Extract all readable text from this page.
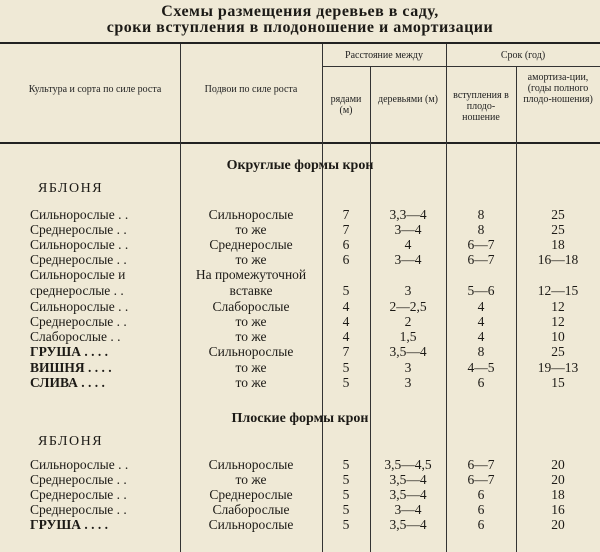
Схемы размещения деревьев в саду,
сроки вступления в плодоношение и амортизации
Культура и сорта по силе роста	Подвои по силе роста
Расстояние между
рядами (м)
деревьями (м)
Срок (год)
вступления в плодо-ношение
амортиза-ции, (годы полного плодо-ношения)
Округлые формы крон
ЯБЛОНЯ
Сильнорослые . .	Сильнорослые	7	3,3—4	8	25
Среднерослые . .	то же	7	3—4	8	25
Сильнорослые . .	Среднерослые	6	4	6—7	18
Среднерослые . .	то же	6	3—4	6—7	16—18
Сильнорослые и	На промежуточной
среднерослые . .	вставке	5	3	5—6	12—15
Сильнорослые . .	Слаборослые	4	2—2,5	4	12
Среднерослые . .	то же	4	2	4	12
Слаборослые . .	то же	4	1,5	4	10
ГРУША . . . .	Сильнорослые	7	3,5—4	8	25
ВИШНЯ . . . .	то же	5	3	4—5	19—13
СЛИВА . . . .	то же	5	3	6	15
Плоские формы крон
ЯБЛОНЯ
Сильнорослые . .	Сильнорослые	5	3,5—4,5	6—7	20
Среднерослые . .	то же	5	3,5—4	6—7	20
Среднерослые . .	Среднерослые	5	3,5—4	6	18
Среднерослые . .	Слаборослые	5	3—4	6	16
ГРУША . . . .	Сильнорослые	5	3,5—4	6	20
